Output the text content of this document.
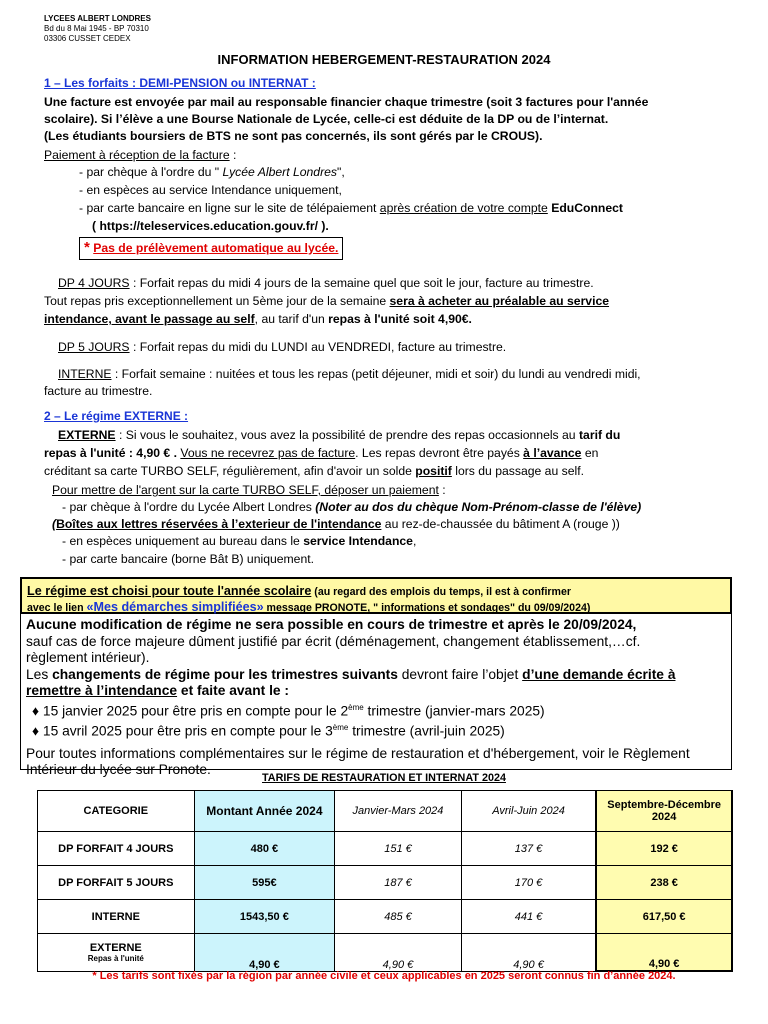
LYCEES ALBERT LONDRES
Bd du 8 Mai 1945 - BP 70310
03306 CUSSET CEDEX
INFORMATION HEBERGEMENT-RESTAURATION 2024
1 – Les forfaits : DEMI-PENSION ou INTERNAT :
Une facture est envoyée par mail au responsable financier chaque trimestre (soit 3 factures pour l'année
scolaire). Si l’élève a une Bourse Nationale de Lycée, celle-ci est déduite de la DP ou de l’internat.
(Les étudiants boursiers de BTS ne sont pas concernés, ils sont gérés par le CROUS).
Paiement à réception de la facture :
- par chèque à l'ordre du " Lycée Albert Londres",
- en espèces au service Intendance uniquement,
- par carte bancaire en ligne sur le site de télépaiement après création de votre compte EduConnect
( https://teleservices.education.gouv.fr/ ).
* Pas de prélèvement automatique au lycée.
DP 4 JOURS : Forfait repas du midi 4 jours de la semaine quel que soit le jour, facture au trimestre.
Tout repas pris exceptionnellement un 5ème jour de la semaine sera à acheter au préalable au service
intendance, avant le passage au self, au tarif d'un repas à l'unité soit 4,90€.
DP 5 JOURS : Forfait repas du midi du LUNDI au VENDREDI, facture au trimestre.
INTERNE : Forfait semaine : nuitées et tous les repas (petit déjeuner, midi et soir) du lundi au vendredi midi,
facture au trimestre.
2 – Le régime EXTERNE :
EXTERNE : Si vous le souhaitez, vous avez la possibilité de prendre des repas occasionnels au tarif du
repas à l'unité : 4,90 € . Vous ne recevrez pas de facture. Les repas devront être payés à l’avance en
créditant sa carte TURBO SELF, régulièrement, afin d'avoir un solde positif lors du passage au self.
Pour mettre de l'argent sur la carte TURBO SELF, déposer un paiement :
- par chèque à l'ordre du Lycée Albert Londres (Noter au dos du chèque Nom-Prénom-classe de l'élève)
(Boîtes aux lettres réservées à l’exterieur de l'intendance au rez-de-chaussée du bâtiment A (rouge ))
- en espèces uniquement au bureau dans le service Intendance,
- par carte bancaire (borne Bât B) uniquement.
Le régime est choisi pour toute l'année scolaire (au regard des emplois du temps, il est à confirmer
avec le lien «Mes démarches simplifiées» message PRONOTE, " informations et sondages" du 09/09/2024)
Aucune modification de régime ne sera possible en cours de trimestre et après le 20/09/2024,
sauf cas de force majeure dûment justifié par écrit (déménagement, changement établissement,…cf.
règlement intérieur).
Les changements de régime pour les trimestres suivants devront faire l’objet d’une demande écrite à
remettre à l’intendance et faite avant le :
♦ 15 janvier 2025 pour être pris en compte pour le 2ème trimestre (janvier-mars 2025)
♦ 15 avril 2025 pour être pris en compte pour le 3ème trimestre (avril-juin 2025)
Pour toutes informations complémentaires sur le régime de restauration et d'hébergement, voir le Règlement
Intérieur du lycée sur Pronote.
TARIFS DE RESTAURATION ET INTERNAT 2024
CATEGORIE	Montant Année 2024	Janvier-Mars 2024	Avril-Juin 2024	Septembre-Décembre 2024
DP FORFAIT 4 JOURS	480 €	151 €	137 €	192 €
DP FORFAIT 5 JOURS	595€	187 €	170 €	238 €
INTERNE	1543,50 €	485 €	441 €	617,50 €

EXTERNE
Repas à l'unité	4,90 €	4,90 €	4,90 €	4,90 €
* Les tarifs sont fixés par la région par année civile et ceux applicables en 2025 seront connus fin d’année 2024.
